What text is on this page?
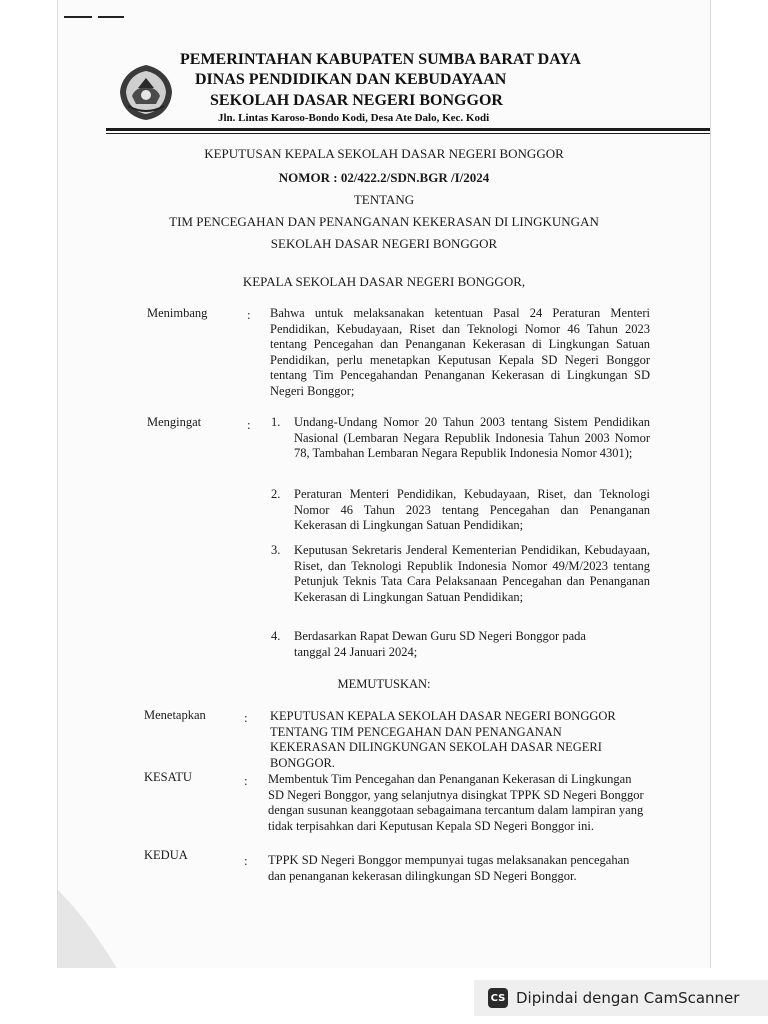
PEMERINTAHAN KABUPATEN SUMBA BARAT DAYA
DINAS PENDIDIKAN DAN KEBUDAYAAN
SEKOLAH DASAR NEGERI BONGGOR
Jln. Lintas Karoso-Bondo Kodi, Desa Ate Dalo, Kec. Kodi
KEPUTUSAN KEPALA SEKOLAH DASAR NEGERI BONGGOR
NOMOR : 02/422.2/SDN.BGR /I/2024
TENTANG
TIM PENCEGAHAN DAN PENANGANAN KEKERASAN DI LINGKUNGAN
SEKOLAH DASAR NEGERI BONGGOR
KEPALA SEKOLAH DASAR NEGERI BONGGOR,
Menimbang	: Bahwa untuk melaksanakan ketentuan Pasal 24 Peraturan Menteri Pendidikan, Kebudayaan, Riset dan Teknologi Nomor 46 Tahun 2023 tentang Pencegahan dan Penanganan Kekerasan di Lingkungan Satuan Pendidikan, perlu menetapkan Keputusan Kepala SD Negeri Bonggor tentang Tim Pencegahandan Penanganan Kekerasan di Lingkungan SD Negeri Bonggor;
Mengingat	: 1. Undang-Undang Nomor 20 Tahun 2003 tentang Sistem Pendidikan Nasional (Lembaran Negara Republik Indonesia Tahun 2003 Nomor 78, Tambahan Lembaran Negara Republik Indonesia Nomor 4301);
2. Peraturan Menteri Pendidikan, Kebudayaan, Riset, dan Teknologi Nomor 46 Tahun 2023 tentang Pencegahan dan Penanganan Kekerasan di Lingkungan Satuan Pendidikan;
3. Keputusan Sekretaris Jenderal Kementerian Pendidikan, Kebudayaan, Riset, dan Teknologi Republik Indonesia Nomor 49/M/2023 tentang Petunjuk Teknis Tata Cara Pelaksanaan Pencegahan dan Penanganan Kekerasan di Lingkungan Satuan Pendidikan;
4. Berdasarkan Rapat Dewan Guru SD Negeri Bonggor pada tanggal 24 Januari 2024;
MEMUTUSKAN:
Menetapkan	: KEPUTUSAN KEPALA SEKOLAH DASAR NEGERI BONGGOR TENTANG TIM PENCEGAHAN DAN PENANGANAN KEKERASAN DILINGKUNGAN SEKOLAH DASAR NEGERI BONGGOR.
KESATU	: Membentuk Tim Pencegahan dan Penanganan Kekerasan di Lingkungan SD Negeri Bonggor, yang selanjutnya disingkat TPPK SD Negeri Bonggor dengan susunan keanggotaan sebagaimana tercantum dalam lampiran yang tidak terpisahkan dari Keputusan Kepala SD Negeri Bonggor ini.
KEDUA	: TPPK SD Negeri Bonggor mempunyai tugas melaksanakan pencegahan dan penanganan kekerasan dilingkungan SD Negeri Bonggor.
CS Dipindai dengan CamScanner
